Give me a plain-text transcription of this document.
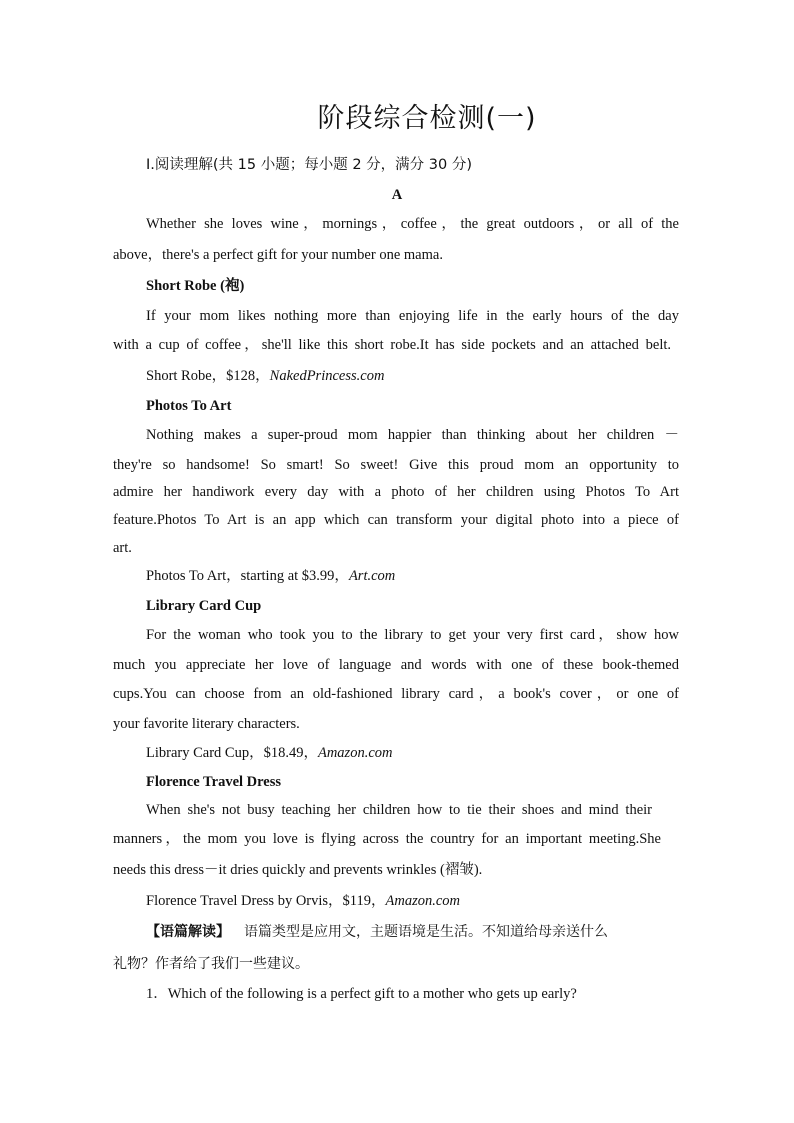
阶段综合检测(一)
Ⅰ.阅读理解(共 15 小题；每小题 2 分，满分 30 分)
A
Whether she loves wine，mornings，coffee，the great outdoors，or all of the
above，there's a perfect gift for your number one mama.
Short Robe (袍)
If your mom likes nothing more than enjoying life in the early hours of the day
with a cup of coffee，she'll like this short robe.It has side pockets and an attached belt.
Short Robe，$128，NakedPrincess.com
Photos To Art
Nothing makes a super-proud mom happier than thinking about her children －
they're so handsome! So smart! So sweet! Give this proud mom an opportunity to
admire her handiwork every day with a photo of her children using Photos To Art
feature.Photos To Art is an app which can transform your digital photo into a piece of
art.
Photos To Art，starting at $3.99，Art.com
Library Card Cup
For the woman who took you to the library to get your very first card，show how
much you appreciate her love of language and words with one of these book-themed
cups.You can choose from an old-fashioned library card，a book's cover，or one of
your favorite literary characters.
Library Card Cup，$18.49，Amazon.com
Florence Travel Dress
When she's not busy teaching her children how to tie their shoes and mind their
manners，the mom you love is flying across the country for an important meeting.She
needs this dress－it dries quickly and prevents wrinkles (褶皱).
Florence Travel Dress by Orvis，$119，Amazon.com
【语篇解读】 语篇类型是应用文，主题语境是生活。不知道给母亲送什么
礼物？作者给了我们一些建议。
1．Which of the following is a perfect gift to a mother who gets up early?
